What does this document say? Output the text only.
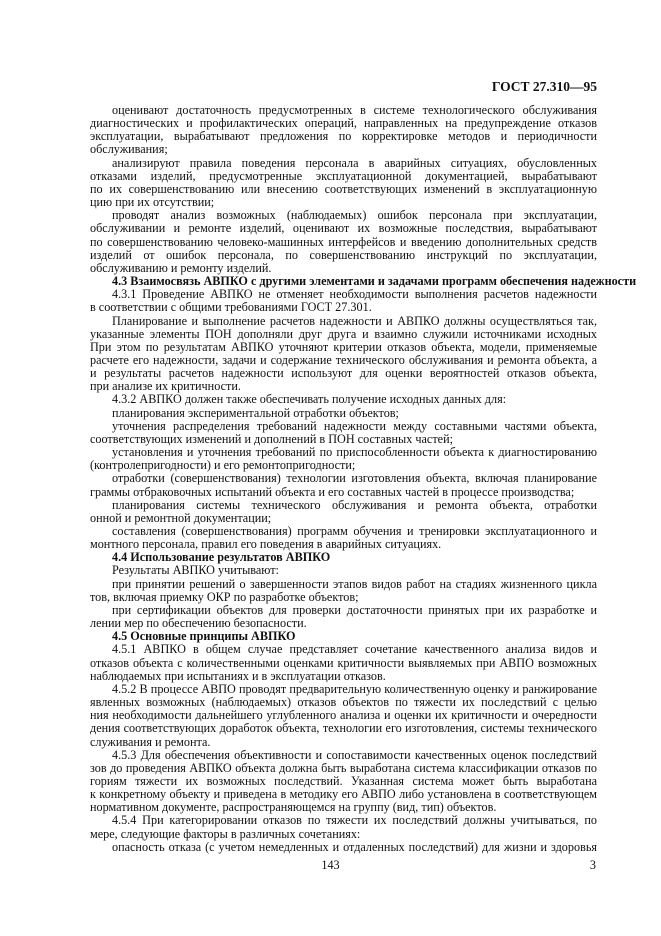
ГОСТ 27.310—95
оценивают достаточность предусмотренных в системе технологического обслуживания
диагностических и профилактических операций, направленных на предупреждение отказов
эксплуатации, вырабатывают предложения по корректировке методов и периодичности
обслуживания;
анализируют правила поведения персонала в аварийных ситуациях, обусловленных
отказами изделий, предусмотренные эксплуатационной документацией, вырабатывают
по их совершенствованию или внесению соответствующих изменений в эксплуатационную
цию при их отсутствии;
проводят анализ возможных (наблюдаемых) ошибок персонала при эксплуатации,
обслуживании и ремонте изделий, оценивают их возможные последствия, вырабатывают
по совершенствованию человеко-машинных интерфейсов и введению дополнительных средств
изделий от ошибок персонала, по совершенствованию инструкций по эксплуатации,
обслуживанию и ремонту изделий.
4.3 Взаимосвязь АВПКО с другими элементами и задачами программ обеспечения надежности
4.3.1 Проведение АВПКО не отменяет необходимости выполнения расчетов надежности
в соответствии с общими требованиями ГОСТ 27.301.
Планирование и выполнение расчетов надежности и АВПКО должны осуществляться так,
указанные элементы ПОН дополняли друг друга и взаимно служили источниками исходных
При этом по результатам АВПКО уточняют критерии отказов объекта, модели, применяемые
расчете его надежности, задачи и содержание технического обслуживания и ремонта объекта, а
и результаты расчетов надежности используют для оценки вероятностей отказов объекта,
при анализе их критичности.
4.3.2 АВПКО должен также обеспечивать получение исходных данных для:
планирования экспериментальной отработки объектов;
уточнения распределения требований надежности между составными частями объекта,
соответствующих изменений и дополнений в ПОН составных частей;
установления и уточнения требований по приспособленности объекта к диагностированию
(контролепригодности) и его ремонтопригодности;
отработки (совершенствования) технологии изготовления объекта, включая планирование
граммы отбраковочных испытаний объекта и его составных частей в процессе производства;
планирования системы технического обслуживания и ремонта объекта, отработки
онной и ремонтной документации;
составления (совершенствования) программ обучения и тренировки эксплуатационного и
монтного персонала, правил его поведения в аварийных ситуациях.
4.4 Использование результатов АВПКО
Результаты АВПКО учитывают:
при принятии решений о завершенности этапов видов работ на стадиях жизненного цикла
тов, включая приемку ОКР по разработке объектов;
при сертификации объектов для проверки достаточности принятых при их разработке и
лении мер по обеспечению безопасности.
4.5 Основные принципы АВПКО
4.5.1 АВПКО в общем случае представляет сочетание качественного анализа видов и
отказов объекта с количественными оценками критичности выявляемых при АВПО возможных
наблюдаемых при испытаниях и в эксплуатации отказов.
4.5.2 В процессе АВПО проводят предварительную количественную оценку и ранжирование
явленных возможных (наблюдаемых) отказов объектов по тяжести их последствий с целью
ния необходимости дальнейшего углубленного анализа и оценки их критичности и очередности
дения соответствующих доработок объекта, технологии его изготовления, системы технического
служивания и ремонта.
4.5.3 Для обеспечения объективности и сопоставимости качественных оценок последствий
зов до проведения АВПКО объекта должна быть выработана система классификации отказов по
гориям тяжести их возможных последствий. Указанная система может быть выработана
к конкретному объекту и приведена в методику его АВПО либо установлена в соответствующем
нормативном документе, распространяющемся на группу (вид, тип) объектов.
4.5.4 При категорировании отказов по тяжести их последствий должны учитываться, по
мере, следующие факторы в различных сочетаниях:
опасность отказа (с учетом немедленных и отдаленных последствий) для жизни и здоровья
143	3
